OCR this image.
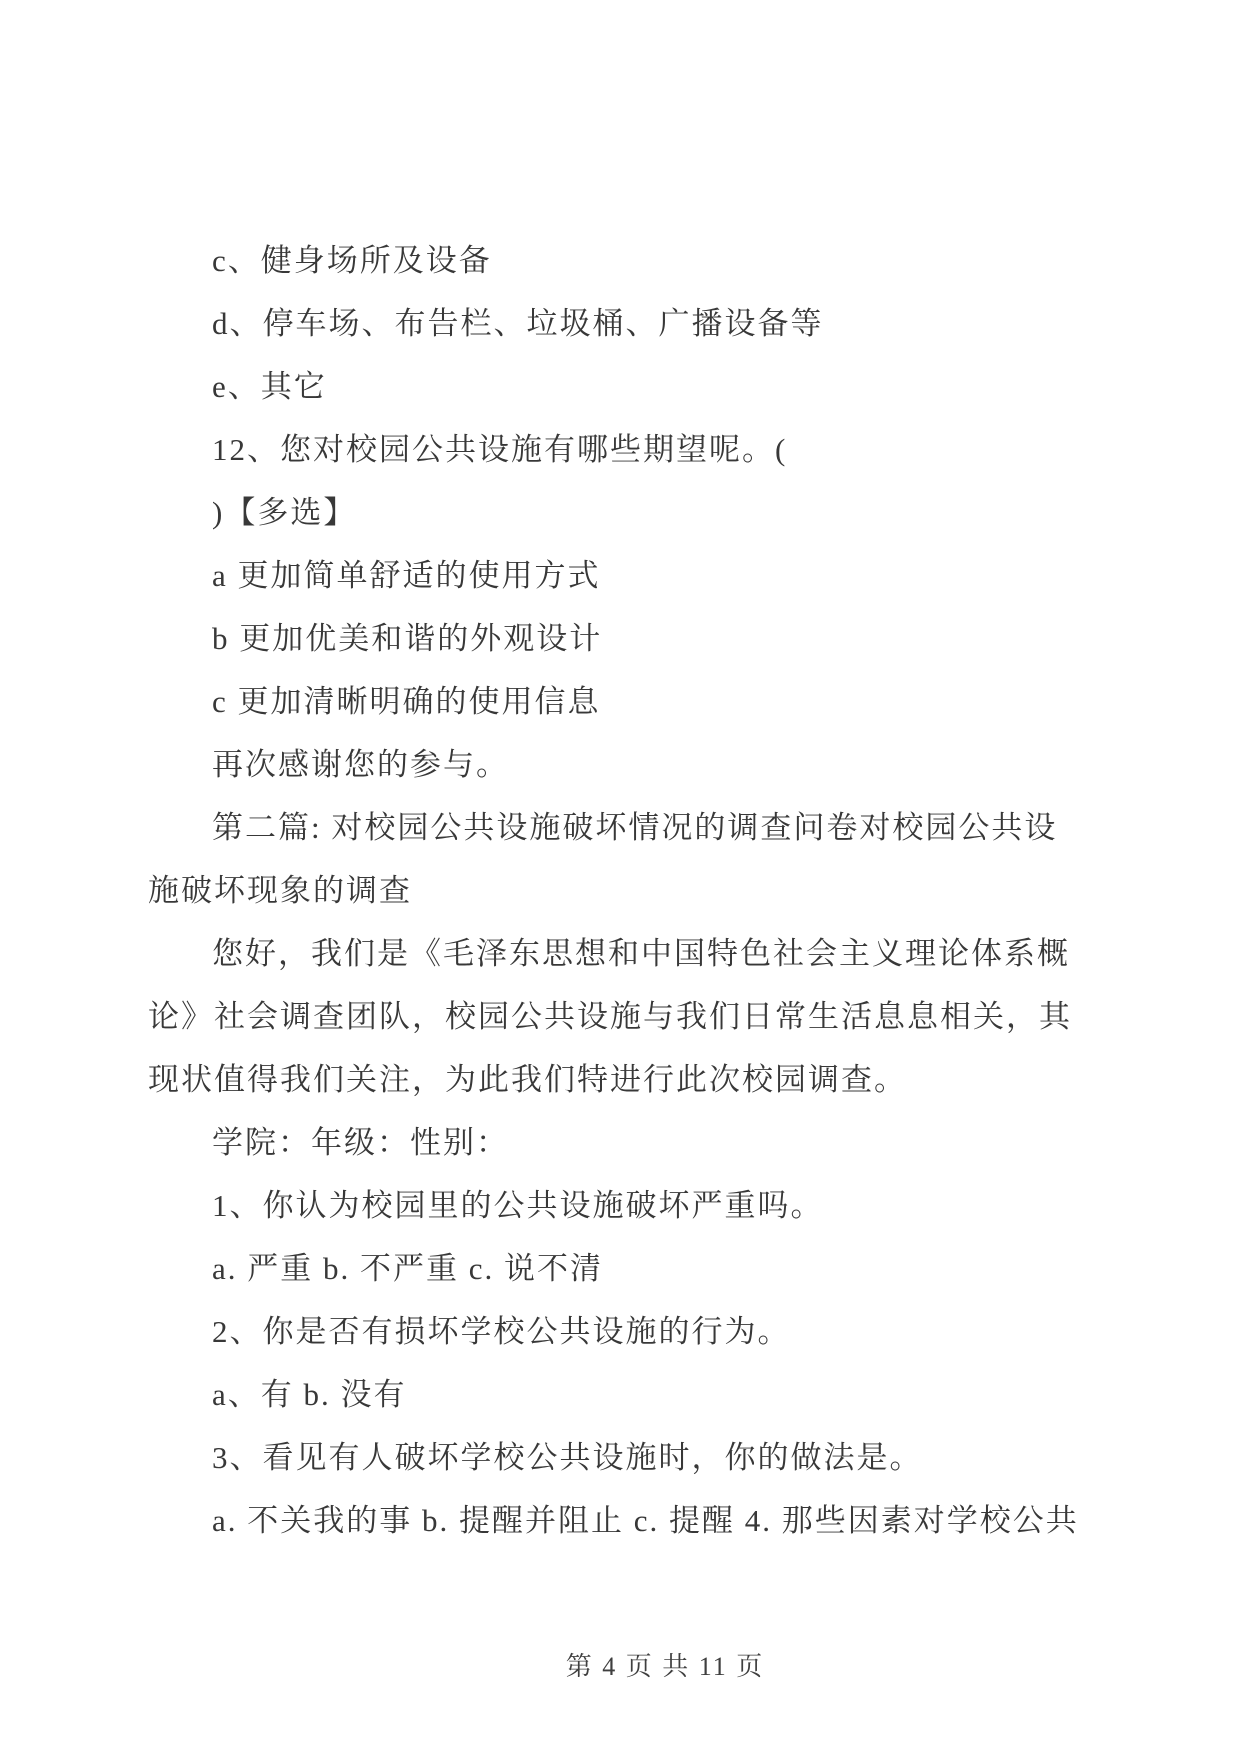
c、健身场所及设备
d、停车场、布告栏、垃圾桶、广播设备等
e、其它
12、您对校园公共设施有哪些期望呢。(
)【多选】
a 更加简单舒适的使用方式
b 更加优美和谐的外观设计
c 更加清晰明确的使用信息
再次感谢您的参与。
第二篇: 对校园公共设施破坏情况的调查问卷对校园公共设
施破坏现象的调查
您好，我们是《毛泽东思想和中国特色社会主义理论体系概
论》社会调查团队，校园公共设施与我们日常生活息息相关，其
现状值得我们关注，为此我们特进行此次校园调查。
学院：年级：性别：
1、你认为校园里的公共设施破坏严重吗。
a. 严重 b. 不严重 c. 说不清
2、你是否有损坏学校公共设施的行为。
a、有 b. 没有
3、看见有人破坏学校公共设施时，你的做法是。
a. 不关我的事 b. 提醒并阻止 c. 提醒 4. 那些因素对学校公共

第 4 页 共 11 页
